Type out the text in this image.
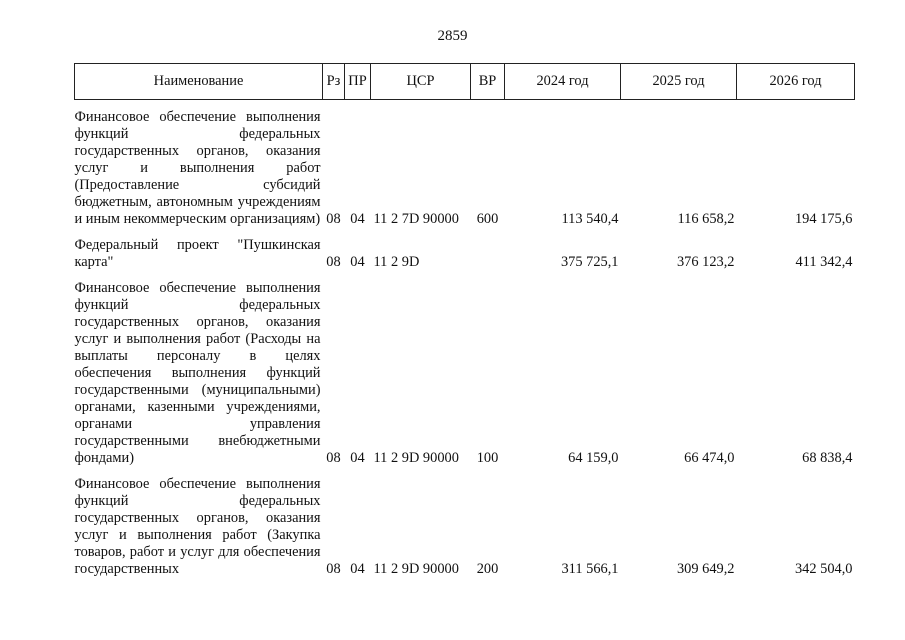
2859
Наименование	Рз	ПР	ЦСР	ВР	2024 год	2025 год	2026 год
Финансовое обеспечение выполнения функций федеральных государственных органов, оказания услуг и выполнения работ (Предоставление субсидий бюджетным, автономным учреждениям и иным некоммерческим организациям)	08	04	11 2 7D 90000	600	113 540,4	116 658,2	194 175,6
Федеральный проект "Пушкинская карта"	08	04	11 2 9D		375 725,1	376 123,2	411 342,4
Финансовое обеспечение выполнения функций федеральных государственных органов, оказания услуг и выполнения работ (Расходы на выплаты персоналу в целях обеспечения выполнения функций государственными (муниципальными) органами, казенными учреждениями, органами управления государственными внебюджетными фондами)	08	04	11 2 9D 90000	100	64 159,0	66 474,0	68 838,4
Финансовое обеспечение выполнения функций федеральных государственных органов, оказания услуг и выполнения работ (Закупка товаров, работ и услуг для обеспечения государственных	08	04	11 2 9D 90000	200	311 566,1	309 649,2	342 504,0
